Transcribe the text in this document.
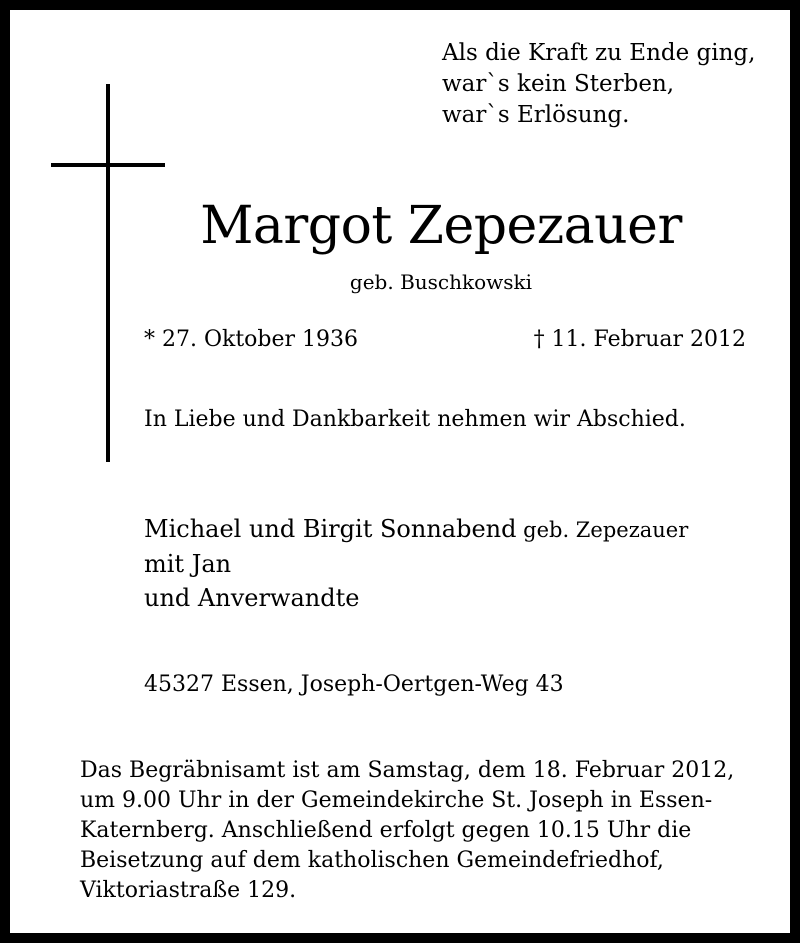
Als die Kraft zu Ende ging,
war`s kein Sterben,
war`s Erlösung.
Margot Zepezauer
geb. Buschkowski
* 27. Oktober 1936	† 11. Februar 2012
In Liebe und Dankbarkeit nehmen wir Abschied.
Michael und Birgit Sonnabend geb. Zepezauer
mit Jan
und Anverwandte
45327 Essen, Joseph-Oertgen-Weg 43
Das Begräbnisamt ist am Samstag, dem 18. Februar 2012,
um 9.00 Uhr in der Gemeindekirche St. Joseph in Essen-
Katernberg. Anschließend erfolgt gegen 10.15 Uhr die
Beisetzung auf dem katholischen Gemeindefriedhof,
Viktoriastraße 129.
